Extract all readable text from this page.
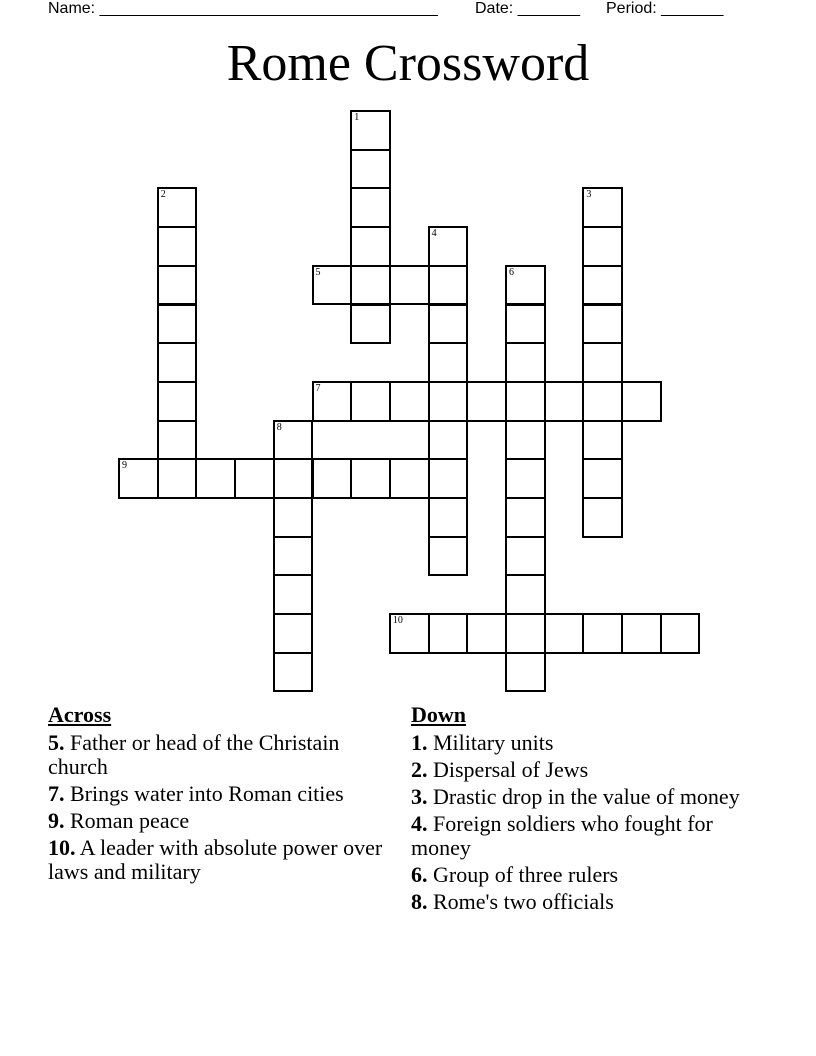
Name: ______________________________________ Date: _______ Period: _______
Rome Crossword
1
2	3
4
5	6
7
8
9
10
Across
5. Father or head of the Christain church
7. Brings water into Roman cities
9. Roman peace
10. A leader with absolute power over laws and military
Down
1. Military units
2. Dispersal of Jews
3. Drastic drop in the value of money
4. Foreign soldiers who fought for money
6. Group of three rulers
8. Rome's two officials
